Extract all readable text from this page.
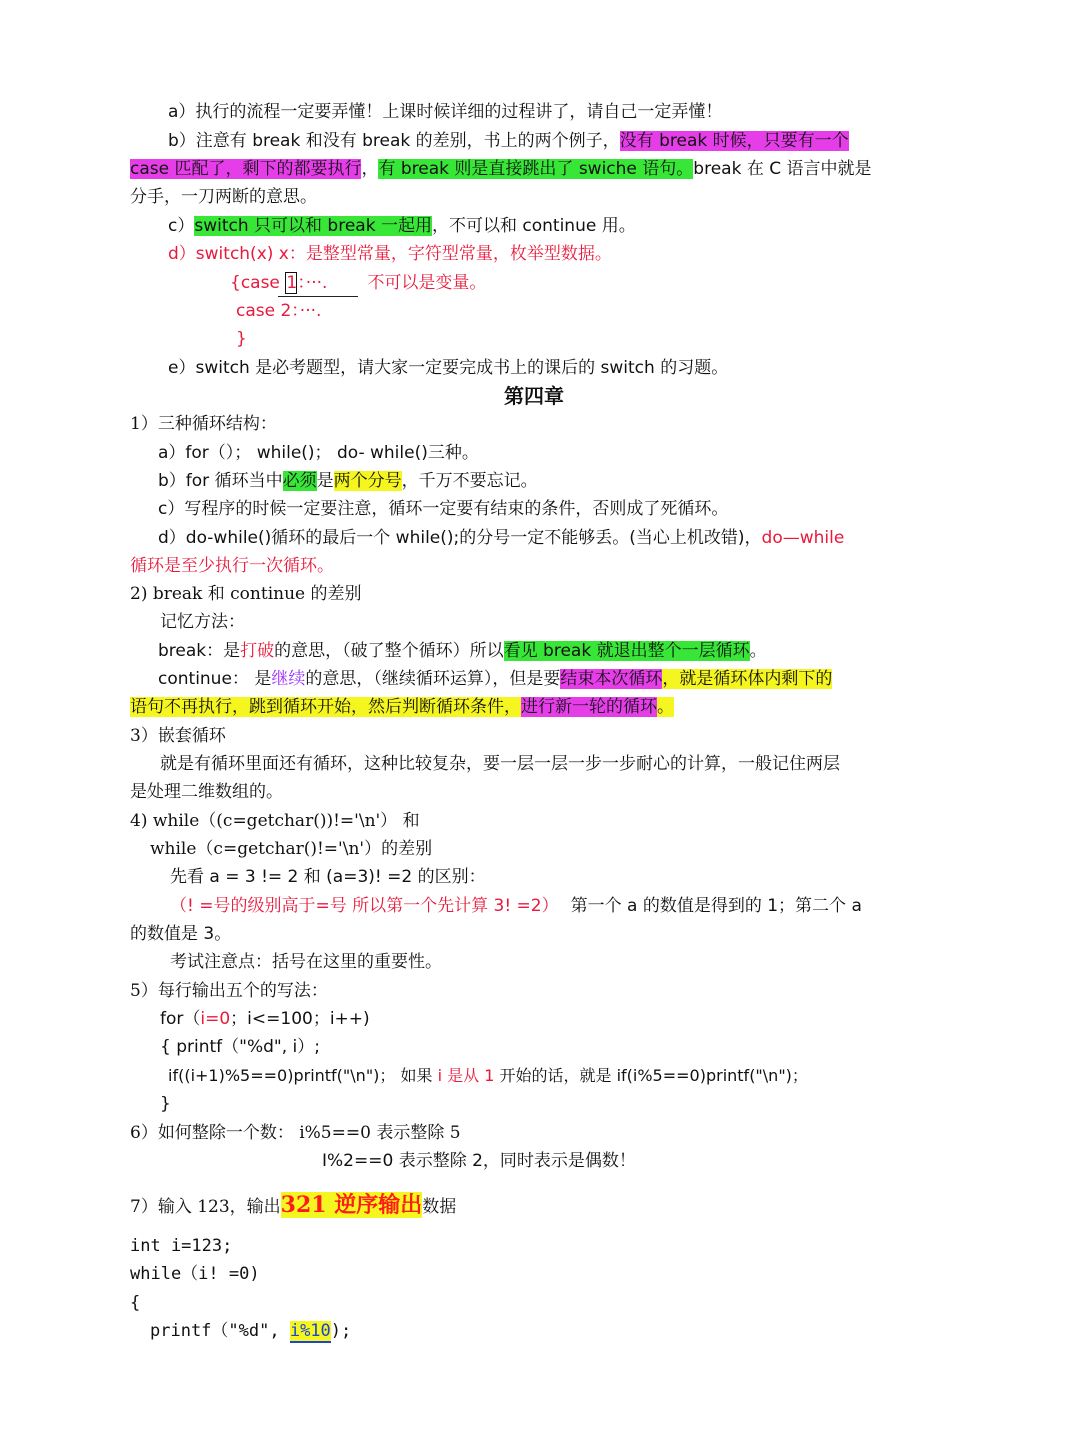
a）执行的流程一定要弄懂！上课时候详细的过程讲了，请自己一定弄懂！
b）注意有 break 和没有 break 的差别，书上的两个例子，没有 break 时候，只要有一个
case 匹配了，剩下的都要执行，有 break 则是直接跳出了 swiche 语句。break 在 C 语言中就是
分手，一刀两断的意思。
c）switch 只可以和 break 一起用，不可以和 continue 用。
d）switch(x) x：是整型常量，字符型常量，枚举型数据。
{case 1：···. 不可以是变量。
case 2：···.
}
e）switch 是必考题型，请大家一定要完成书上的课后的 switch 的习题。
第四章
1）三种循环结构：
a）for（）； while()； do- while()三种。
b）for 循环当中必须是两个分号，千万不要忘记。
c）写程序的时候一定要注意，循环一定要有结束的条件，否则成了死循环。
d）do-while()循环的最后一个 while();的分号一定不能够丢。(当心上机改错)，do—while
循环是至少执行一次循环。
2) break 和 continue 的差别
记忆方法：
break：是打破的意思，（破了整个循环）所以看见 break 就退出整个一层循环。
continue： 是继续的意思，（继续循环运算），但是要结束本次循环，就是循环体内剩下的
语句不再执行，跳到循环开始，然后判断循环条件，进行新一轮的循环。
3）嵌套循环
就是有循环里面还有循环，这种比较复杂，要一层一层一步一步耐心的计算，一般记住两层
是处理二维数组的。
4) while（(c=getchar())!='\n'） 和
while（c=getchar()!='\n'）的差别
先看 a = 3 != 2 和 (a=3)! =2 的区别：
（! =号的级别高于=号 所以第一个先计算 3! =2） 第一个 a 的数值是得到的 1；第二个 a
的数值是 3。
考试注意点：括号在这里的重要性。
5）每行输出五个的写法：
for（i=0；i<=100；i++)
{ printf（"%d", i）;
if((i+1)%5==0)printf("\n")； 如果 i 是从 1 开始的话，就是 if(i%5==0)printf("\n")；
}
6）如何整除一个数： i%5==0 表示整除 5
I%2==0 表示整除 2，同时表示是偶数！
7）输入 123，输出321 逆序输出数据
int i=123;
while（i! =0)
{
printf（"%d", i%10);
